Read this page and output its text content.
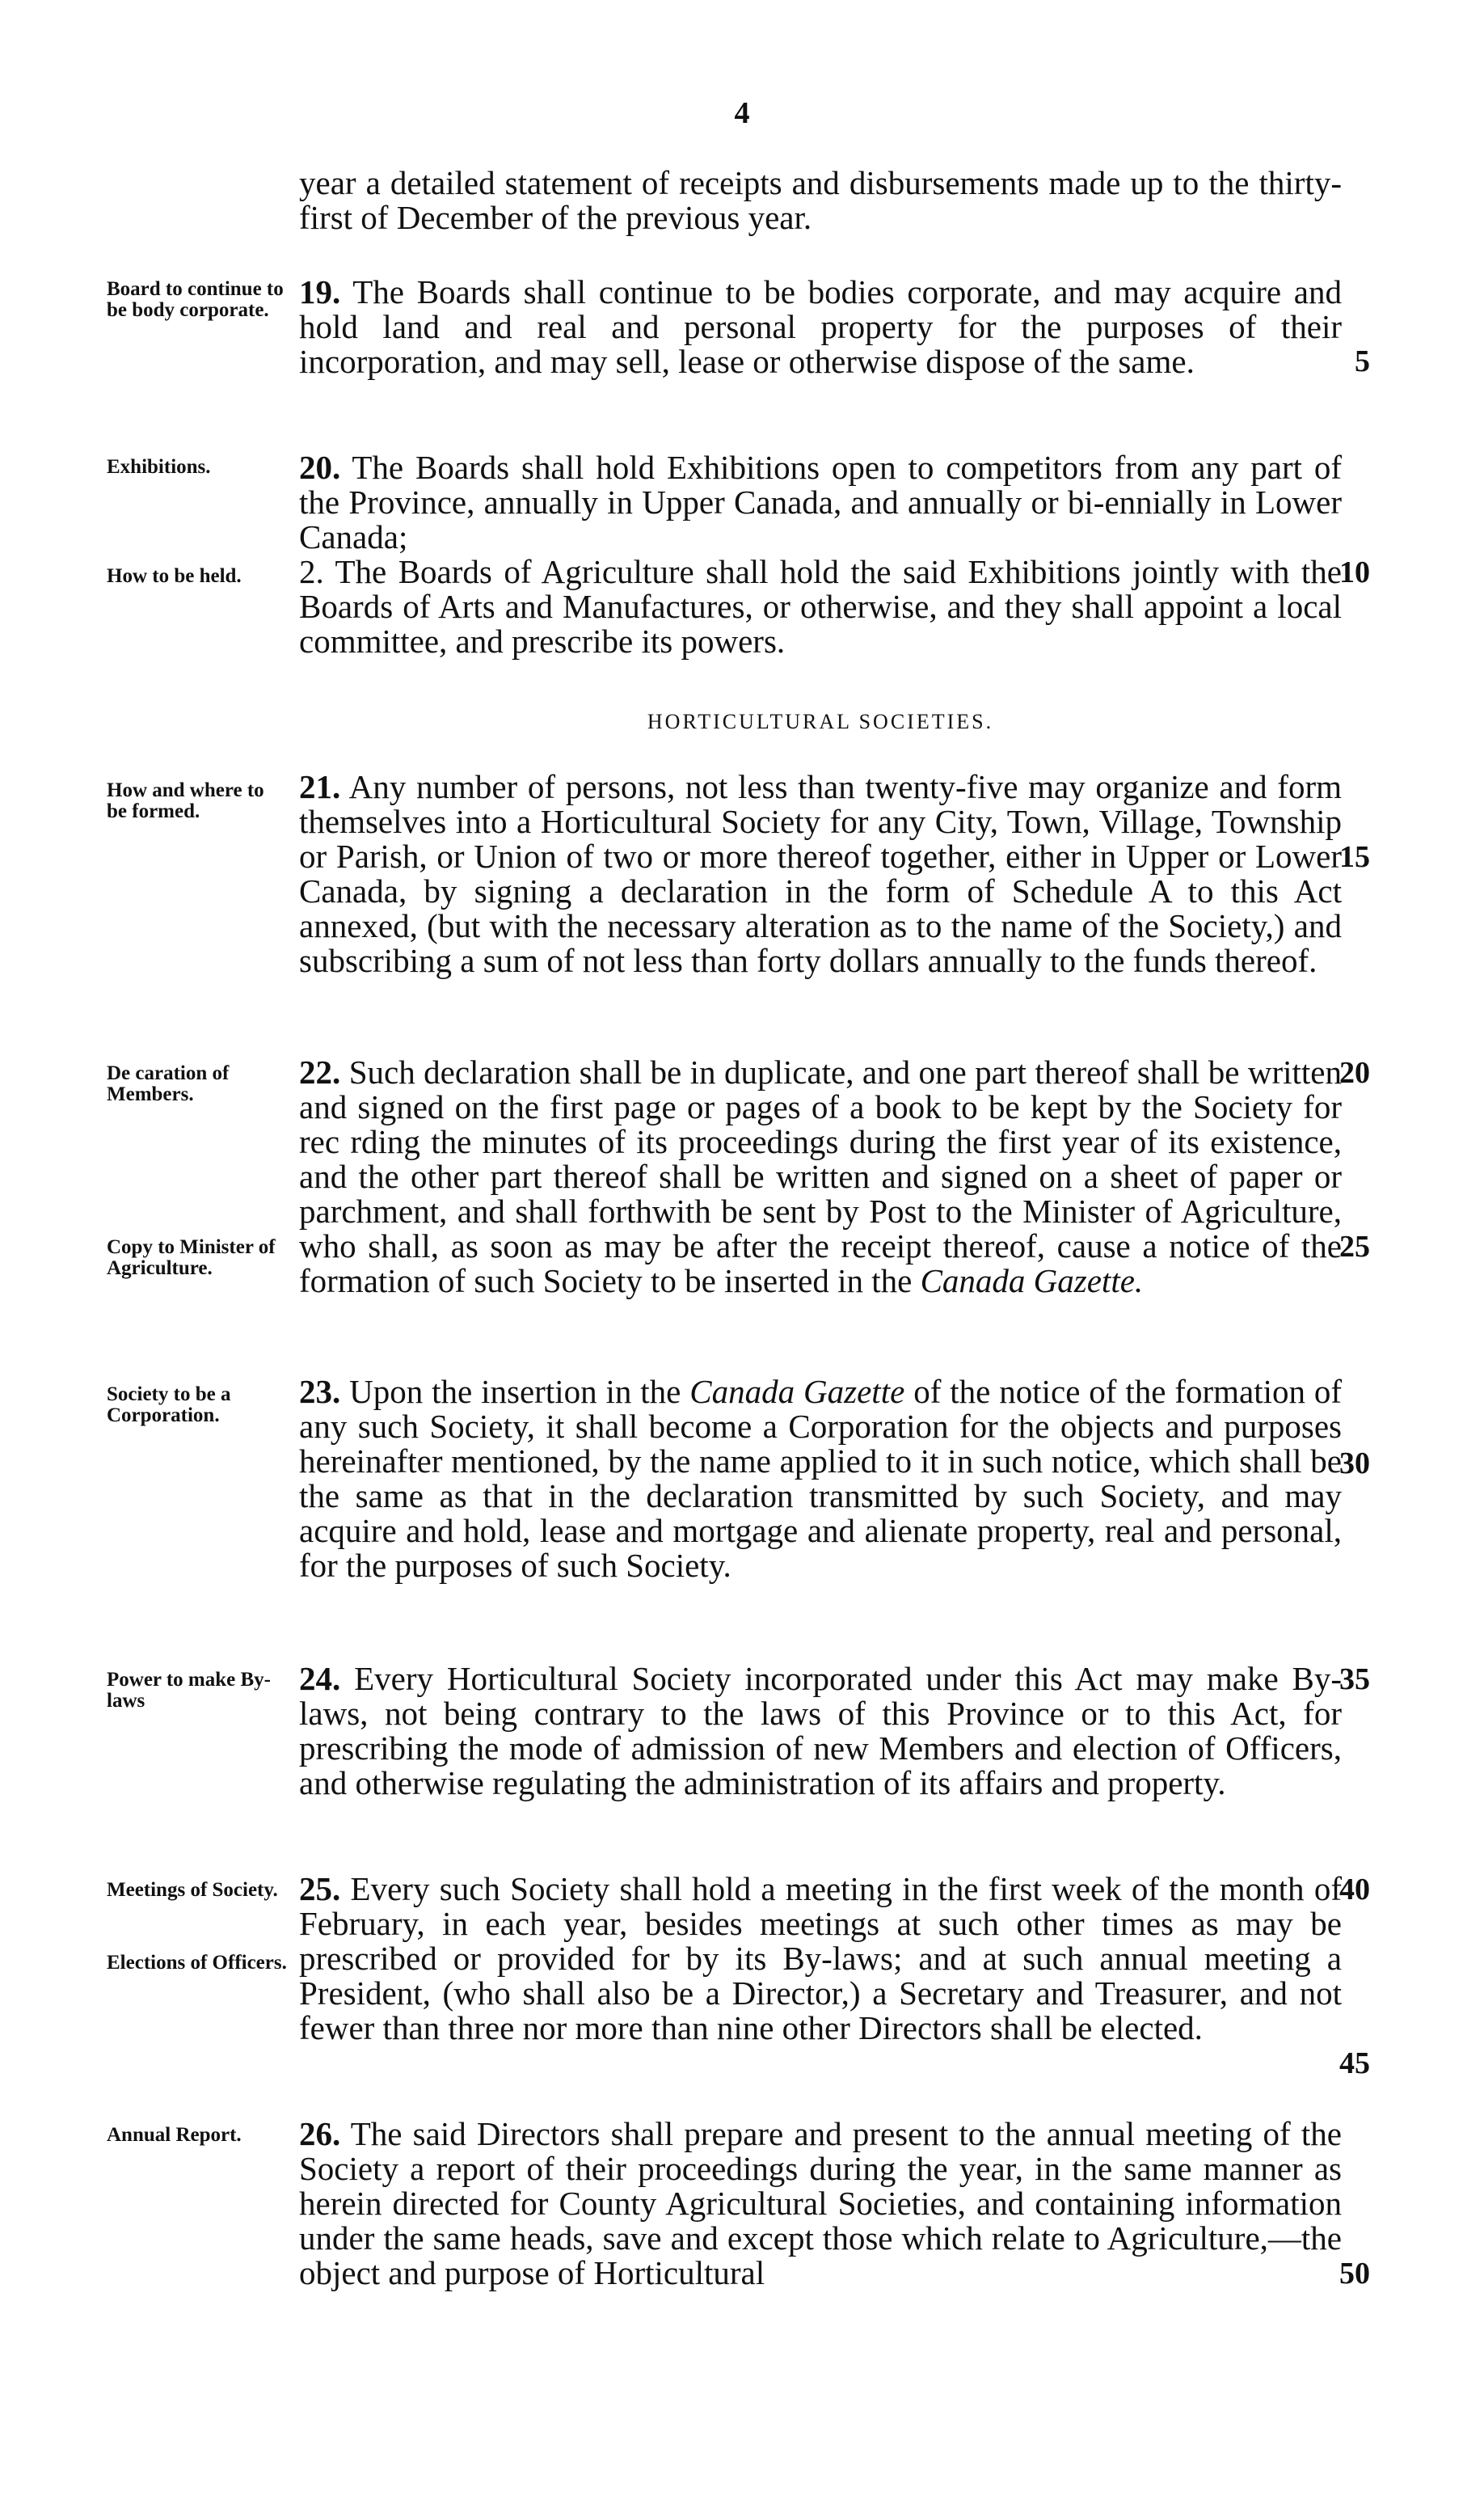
4
year a detailed statement of receipts and disbursements made up to the thirty-first of December of the previous year.
Board to continue to be body corporate. 19. The Boards shall continue to be bodies corporate, and may acquire and hold land and real and personal property for the purposes of their incorporation, and may sell, lease or otherwise dispose of the same.	5
Exhibitions.	20. The Boards shall hold Exhibitions open to competitors from any part of the Province, annually in Upper Canada, and annually or bi-ennially in Lower Canada;
How to be held.	2. The Boards of Agriculture shall hold the said Exhibitions jointly with the Boards of Arts and Manufactures, or otherwise, and they shall appoint a local committee, and prescribe its powers.
10
HORTICULTURAL SOCIETIES.
How and where to be formed.
21. Any number of persons, not less than twenty-five may organize and form themselves into a Horticultural Society for any City, Town, Village, Township or Parish, or Union of two or more thereof together, either in Upper or Lower Canada, by signing a declaration in the form of Schedule A to this Act annexed, (but with the necessary alteration as to the name of the Society,) and subscribing a sum of not less than forty dollars annually to the funds thereof.
15
De caration of Members.
22. Such declaration shall be in duplicate, and one part thereof shall be written and signed on the first page or pages of a book to be kept by the Society for rec rding the minutes of its proceedings during the first year of its existence, and the other part thereof shall be written and signed on a sheet of paper or parchment, and shall forthwith be sent by Post to the Minister of Agriculture, who shall, as soon as may be after the receipt thereof, cause a notice of the formation of such Society to be inserted in the Canada Gazette.
20
Copy to Minister of Agriculture.
25
Society to be a Corporation.
23. Upon the insertion in the Canada Gazette of the notice of the formation of any such Society, it shall become a Corporation for the objects and purposes hereinafter mentioned, by the name applied to it in such notice, which shall be the same as that in the declaration transmitted by such Society, and may acquire and hold, lease and mortgage and alienate property, real and personal, for the purposes of such Society.
30
Power to make By-laws
24. Every Horticultural Society incorporated under this Act may make By-laws, not being contrary to the laws of this Province or to this Act, for prescribing the mode of admission of new Members and election of Officers, and otherwise regulating the administration of its affairs and property.
35
Meetings of Society.
Elections of Officers.
25. Every such Society shall hold a meeting in the first week of the month of February, in each year, besides meetings at such other times as may be prescribed or provided for by its By-laws; and at such annual meeting a President, (who shall also be a Director,) a Secretary and Treasurer, and not fewer than three nor more than nine other Directors shall be elected.
40
45
Annual Report.	26. The said Directors shall prepare and present to the annual meeting of the Society a report of their proceedings during the year, in the same manner as herein directed for County Agricultural Societies, and containing information under the same heads, save and except those which relate to Agriculture,—the object and purpose of Horticultural	50
